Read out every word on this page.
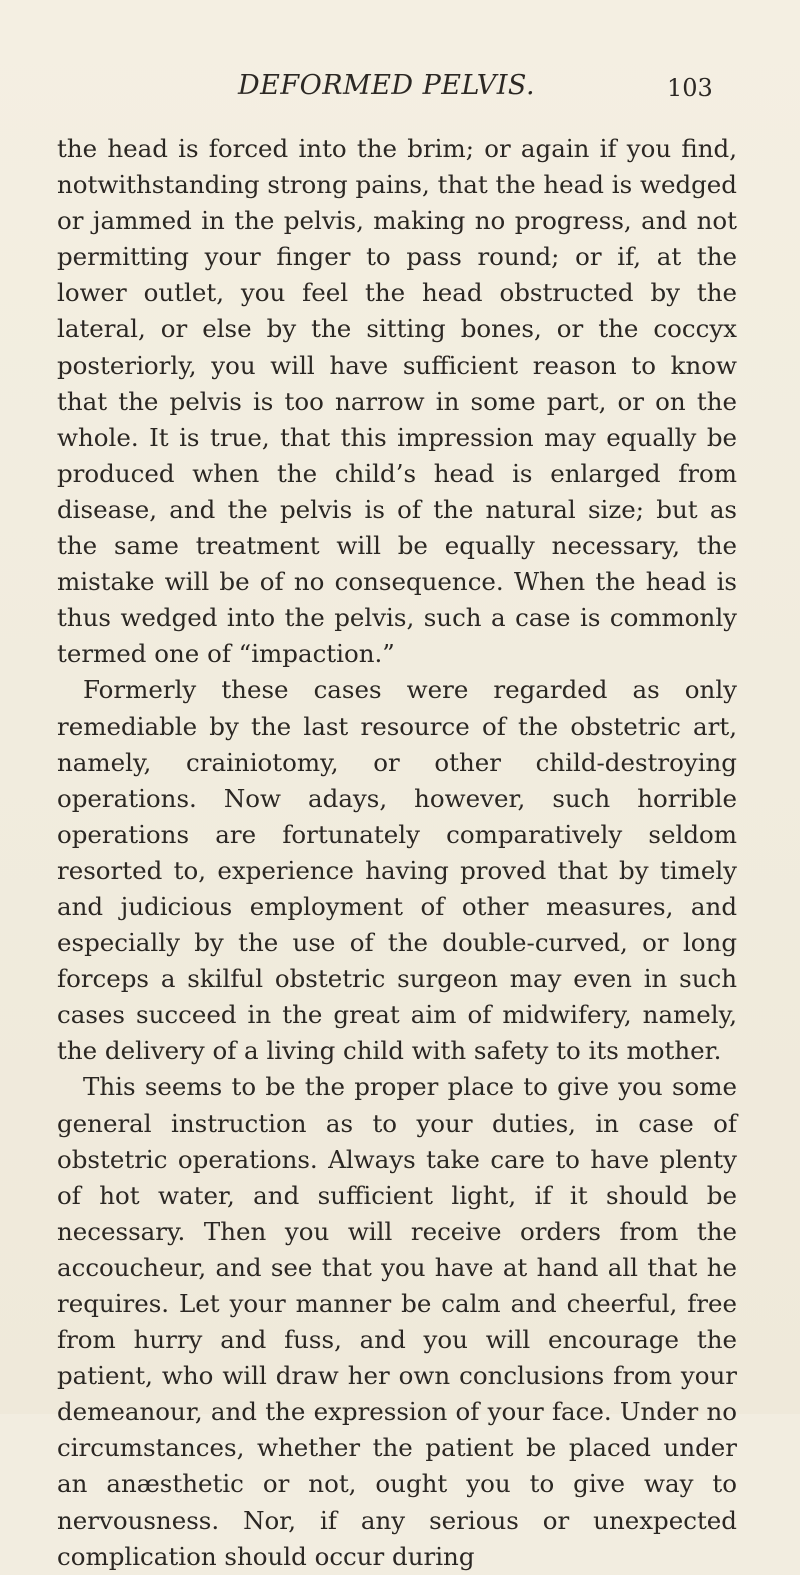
DEFORMED PELVIS.	103

the head is forced into the brim; or again if you find, notwithstanding strong pains, that the head is wedged or jammed in the pelvis, making no progress, and not permitting your finger to pass round; or if, at the lower outlet, you feel the head obstructed by the lateral, or else by the sitting bones, or the coccyx posteriorly, you will have sufficient reason to know that the pelvis is too narrow in some part, or on the whole. It is true, that this impression may equally be produced when the child’s head is enlarged from disease, and the pelvis is of the natural size; but as the same treatment will be equally necessary, the mistake will be of no consequence. When the head is thus wedged into the pelvis, such a case is commonly termed one of “impaction.”

Formerly these cases were regarded as only remediable by the last resource of the obstetric art, namely, crainiotomy, or other child-destroying operations. Now adays, however, such horrible operations are fortunately comparatively seldom resorted to, experience having proved that by timely and judicious employment of other measures, and especially by the use of the double-curved, or long forceps a skilful obstetric surgeon may even in such cases succeed in the great aim of midwifery, namely, the delivery of a living child with safety to its mother.

This seems to be the proper place to give you some general instruction as to your duties, in case of obstetric operations. Always take care to have plenty of hot water, and sufficient light, if it should be necessary. Then you will receive orders from the accoucheur, and see that you have at hand all that he requires. Let your manner be calm and cheerful, free from hurry and fuss, and you will encourage the patient, who will draw her own conclusions from your demeanour, and the expression of your face. Under no circumstances, whether the patient be placed under an anæsthetic or not, ought you to give way to nervousness. Nor, if any serious or unexpected complication should occur during
